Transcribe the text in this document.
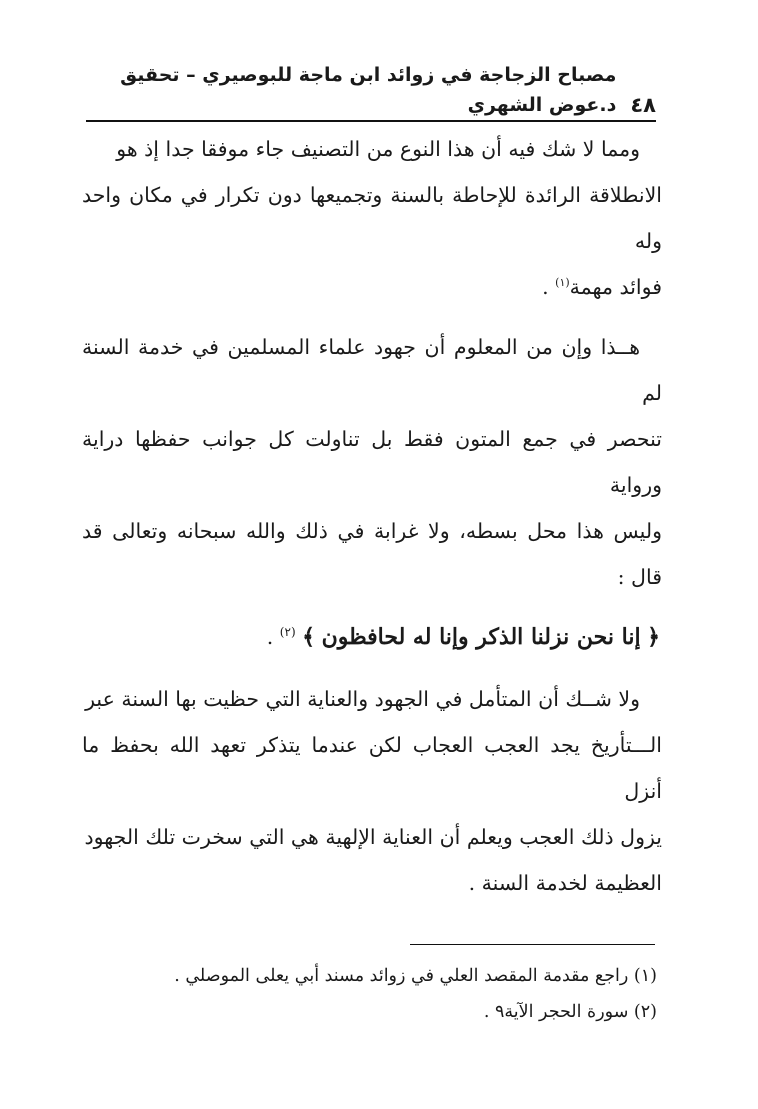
٤٨
مصباح الزجاجة في زوائد ابن ماجة للبوصيري – تحقيق د.عوض الشهري

ومما لا شك فيه أن هذا النوع من التصنيف جاء موفقا جدا إذ هو
الانطلاقة الرائدة للإحاطة بالسنة وتجميعها دون تكرار في مكان واحد وله
فوائد مهمة$^{(١)}$ .

هــذا وإن من المعلوم أن جهود علماء المسلمين في خدمة السنة لم
تنحصر في جمع المتون فقط بل تناولت كل جوانب حفظها دراية ورواية
وليس هذا محل بسطه، ولا غرابة في ذلك والله سبحانه وتعالى قد قال :

﴿ إنا نحن نزلنا الذكر وإنا له لحافظون ﴾ $^{(٢)}$ .

ولا شــك أن المتأمل في الجهود والعناية التي حظيت بها السنة عبر
الـــتأريخ يجد العجب العجاب لكن عندما يتذكر تعهد الله بحفظ ما أنزل
يزول ذلك العجب ويعلم أن العناية الإلهية هي التي سخرت تلك الجهود
العظيمة لخدمة السنة .

(١) راجع مقدمة المقصد العلي في زوائد مسند أبي يعلى الموصلي .

(٢) سورة الحجر الآية٩ .
